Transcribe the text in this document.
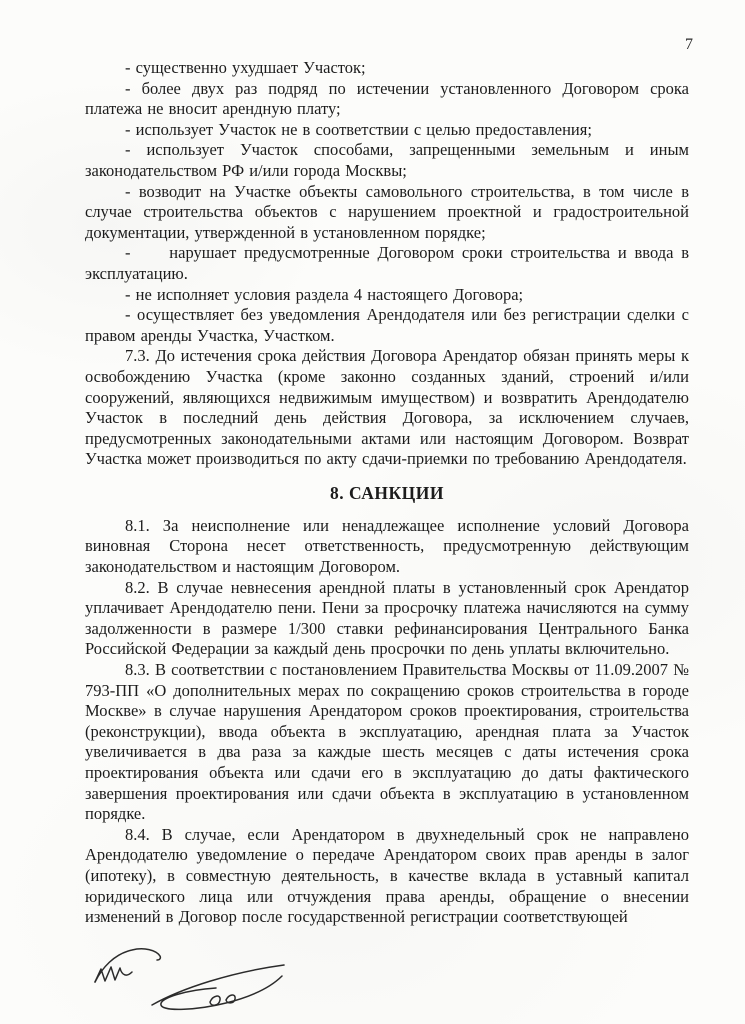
7

- существенно ухудшает Участок;

- более двух раз подряд по истечении установленного Договором срока платежа не вносит арендную плату;

- использует Участок не в соответствии с целью предоставления;

- использует Участок способами, запрещенными земельным и иным законодательством РФ и/или города Москвы;

- возводит на Участке объекты самовольного строительства, в том числе в случае строительства объектов с нарушением проектной и градостроительной документации, утвержденной в установленном порядке;

-     нарушает предусмотренные Договором сроки строительства и ввода в эксплуатацию.

- не исполняет условия раздела 4 настоящего Договора;

- осуществляет без уведомления Арендодателя или без регистрации сделки с правом аренды Участка, Участком.

7.3. До истечения срока действия Договора Арендатор обязан принять меры к освобождению Участка (кроме законно созданных зданий, строений и/или сооружений, являющихся недвижимым имуществом) и возвратить Арендодателю Участок в последний день действия Договора, за исключением случаев, предусмотренных законодательными актами или настоящим Договором. Возврат Участка может производиться по акту сдачи-приемки по требованию Арендодателя.

8. САНКЦИИ

8.1. За неисполнение или ненадлежащее исполнение условий Договора виновная Сторона несет ответственность, предусмотренную действующим законодательством и настоящим Договором.

8.2. В случае невнесения арендной платы в установленный срок Арендатор уплачивает Арендодателю пени. Пени за просрочку платежа начисляются на сумму задолженности в размере 1/300 ставки рефинансирования Центрального Банка Российской Федерации за каждый день просрочки по день уплаты включительно.

8.3. В соответствии с постановлением Правительства Москвы от 11.09.2007 № 793-ПП «О дополнительных мерах по сокращению сроков строительства в городе Москве» в случае нарушения Арендатором сроков проектирования, строительства (реконструкции), ввода объекта в эксплуатацию, арендная плата за Участок увеличивается в два раза за каждые шесть месяцев с даты истечения срока проектирования объекта или сдачи его в эксплуатацию до даты фактического завершения проектирования или сдачи объекта в эксплуатацию в установленном порядке.

8.4. В случае, если Арендатором в двухнедельный срок не направлено Арендодателю уведомление о передаче Арендатором своих прав аренды в залог (ипотеку), в совместную деятельность, в качестве вклада в уставный капитал юридического лица или отчуждения права аренды, обращение о внесении изменений в Договор после государственной регистрации соответствующей
